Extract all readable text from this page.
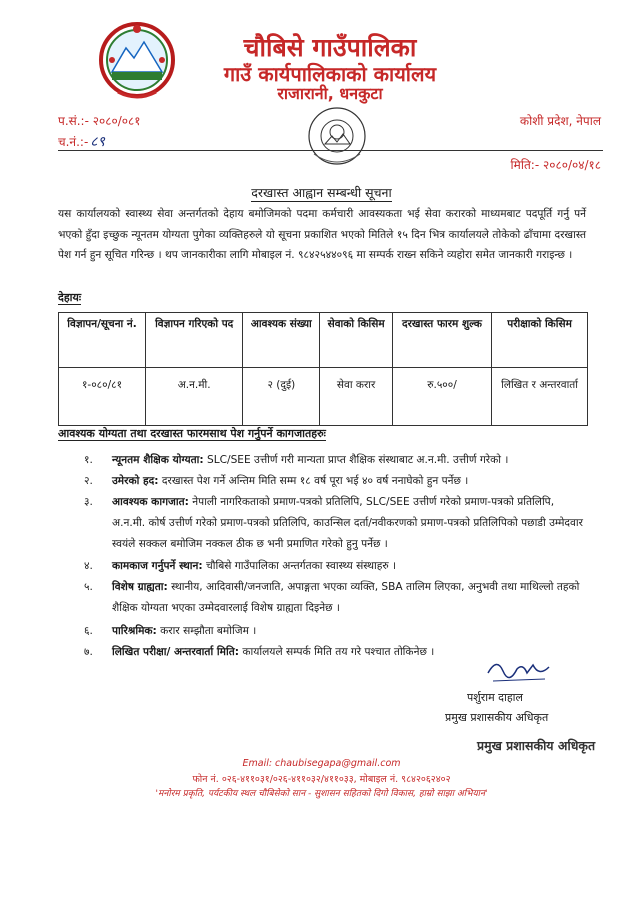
चौबिसे गाउँपालिका
गाउँ कार्यपालिकाको कार्यालय
राजारानी, धनकुटा
प.सं.:- २०८०/०८१
च.नं.:- ८९
कोशी प्रदेश, नेपाल
मिति:- २०८०/०४/१८
दरखास्त आह्वान सम्बन्धी सूचना
यस कार्यालयको स्वास्थ्य सेवा अन्तर्गतको देहाय बमोजिमको पदमा कर्मचारी आवस्यकता भई सेवा करारको माध्यमबाट पदपूर्ति गर्नु पर्ने भएको हुँदा इच्छुक न्यूनतम योग्यता पुगेका व्यक्तिहरुले यो सूचना प्रकाशित भएको मितिले १५ दिन भित्र कार्यालयले तोकेको ढाँचामा दरखास्त पेश गर्न हुन सूचित गरिन्छ । थप जानकारीका लागि मोबाइल नं. ९८४२५४४०९६ मा सम्पर्क राख्न सकिने व्यहोरा समेत जानकारी गराइन्छ ।
देहायः
विज्ञापन/सूचना नं.	विज्ञापन गरिएको पद	आवश्यक संख्या	सेवाको किसिम	दरखास्त फारम शुल्क	परीक्षाको किसिम
१-०८०/८१	अ.न.मी.	२ (दुई)	सेवा करार	रु.५००/	लिखित र अन्तरवार्ता
आवश्यक योग्यता तथा दरखास्त फारमसाथ पेश गर्नुपर्ने कागजातहरुः
१. न्यूनतम शैक्षिक योग्यता: SLC/SEE उत्तीर्ण गरी मान्यता प्राप्त शैक्षिक संस्थाबाट अ.न.मी. उत्तीर्ण गरेको ।
२. उमेरको हद: दरखास्त पेश गर्ने अन्तिम मिति सम्म १८ वर्ष पूरा भई ४० वर्ष ननाघेको हुन पर्नेछ ।
३. आवश्यक कागजात: नेपाली नागरिकताको प्रमाण-पत्रको प्रतिलिपि, SLC/SEE उत्तीर्ण गरेको प्रमाण-पत्रको प्रतिलिपि, अ.न.मी. कोर्ष उत्तीर्ण गरेको प्रमाण-पत्रको प्रतिलिपि, काउन्सिल दर्ता/नवीकरणको प्रमाण-पत्रको प्रतिलिपिको पछाडी उम्मेदवार स्वयंले सक्कल बमोजिम नक्कल ठीक छ भनी प्रमाणित गरेको हुनु पर्नेछ ।
४. कामकाज गर्नुपर्ने स्थान: चौबिसे गाउँपालिका अन्तर्गतका स्वास्थ्य संस्थाहरु ।
५. विशेष ग्राह्यता: स्थानीय, आदिवासी/जनजाति, अपाङ्गता भएका व्यक्ति, SBA तालिम लिएका, अनुभवी तथा माथिल्लो तहको शैक्षिक योग्यता भएका उम्मेदवारलाई विशेष ग्राह्यता दिइनेछ ।
६. पारिश्रमिक: करार सम्झौता बमोजिम ।
७. लिखित परीक्षा/ अन्तरवार्ता मिति: कार्यालयले सम्पर्क मिति तय गरे पश्चात तोकिनेछ ।
पर्शुराम दाहाल
प्रमुख प्रशासकीय अधिकृत
प्रमुख प्रशासकीय अधिकृत
Email: chaubisegapa@gmail.com
फोन नं. ०२६-४११०३१/०२६-४११०३२/४११०३३, मोबाइल नं. ९८४२०६२४०२
'मनोरम प्रकृति, पर्यटकीय स्थल चौबिसेको सान - सुशासन सहितको दिगो विकास, हाम्रो साझा अभियान'
